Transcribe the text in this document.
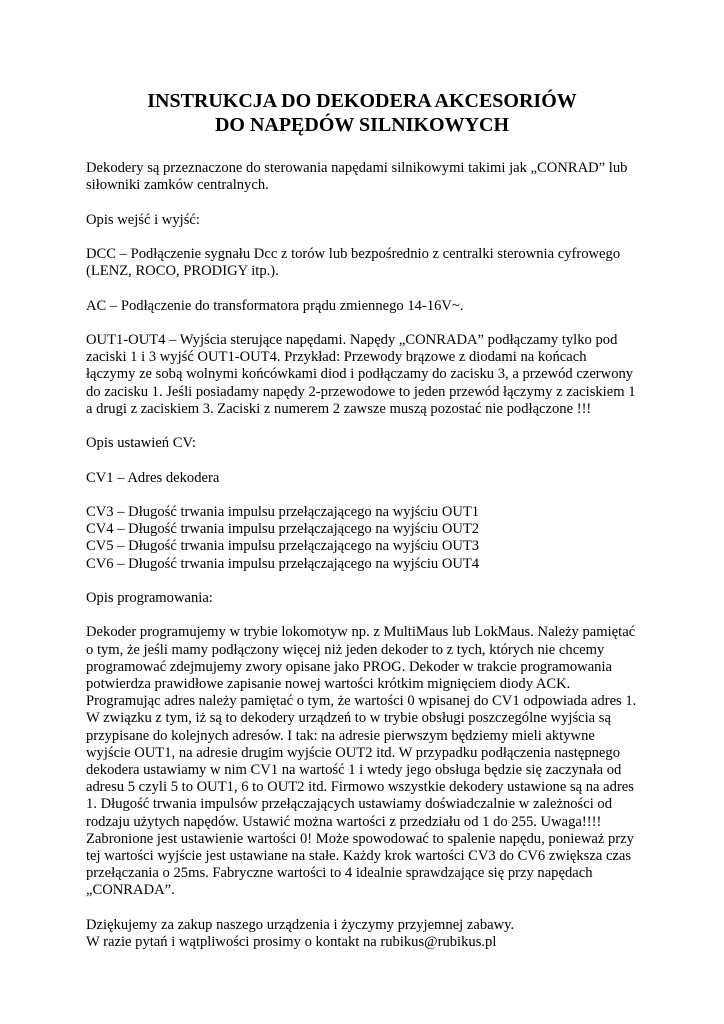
INSTRUKCJA DO DEKODERA AKCESORIÓW
DO NAPĘDÓW SILNIKOWYCH
Dekodery są przeznaczone do sterowania napędami silnikowymi takimi jak „CONRAD” lub
siłowniki zamków centralnych.

Opis wejść i wyjść:

DCC – Podłączenie sygnału Dcc z torów lub bezpośrednio z centralki sterownia cyfrowego
(LENZ, ROCO, PRODIGY itp.).
AC – Podłączenie do transformatora prądu zmiennego 14-16V~.
OUT1-OUT4 – Wyjścia sterujące napędami. Napędy „CONRADA” podłączamy tylko pod
zaciski 1 i 3 wyjść OUT1-OUT4. Przykład: Przewody brązowe z diodami na końcach
łączymy ze sobą wolnymi końcówkami diod i podłączamy do zacisku 3, a przewód czerwony
do zacisku 1. Jeśli posiadamy napędy 2-przewodowe to jeden przewód łączymy z zaciskiem 1
a drugi z zaciskiem 3. Zaciski z numerem 2 zawsze muszą pozostać nie podłączone !!!

Opis ustawień CV:

CV1 – Adres dekodera

CV3 – Długość trwania impulsu przełączającego na wyjściu OUT1
CV4 – Długość trwania impulsu przełączającego na wyjściu OUT2
CV5 – Długość trwania impulsu przełączającego na wyjściu OUT3
CV6 – Długość trwania impulsu przełączającego na wyjściu OUT4

Opis programowania:

Dekoder programujemy w trybie lokomotyw np. z MultiMaus lub LokMaus. Należy pamiętać
o tym, że jeśli mamy podłączony więcej niż jeden dekoder to z tych, których nie chcemy
programować zdejmujemy zwory opisane jako PROG. Dekoder w trakcie programowania
potwierdza prawidłowe zapisanie nowej wartości krótkim mignięciem diody ACK.
Programując adres należy pamiętać o tym, że wartości 0 wpisanej do CV1 odpowiada adres 1.
W związku z tym, iż są to dekodery urządzeń to w trybie obsługi poszczególne wyjścia są
przypisane do kolejnych adresów. I tak: na adresie pierwszym będziemy mieli aktywne
wyjście OUT1, na adresie drugim wyjście OUT2 itd. W przypadku podłączenia następnego
dekodera ustawiamy w nim CV1 na wartość 1 i wtedy jego obsługa będzie się zaczynała od
adresu 5 czyli 5 to OUT1, 6 to OUT2 itd. Firmowo wszystkie dekodery ustawione są na adres
1. Długość trwania impulsów przełączających ustawiamy doświadczalnie w zależności od
rodzaju użytych napędów. Ustawić można wartości z przedziału od 1 do 255. Uwaga!!!!
Zabronione jest ustawienie wartości 0! Może spowodować to spalenie napędu, ponieważ przy
tej wartości wyjście jest ustawiane na stałe. Każdy krok wartości CV3 do CV6 zwiększa czas
przełączania o 25ms. Fabryczne wartości to 4 idealnie sprawdzające się przy napędach
„CONRADA”.
Dziękujemy za zakup naszego urządzenia i życzymy przyjemnej zabawy.
W razie pytań i wątpliwości prosimy o kontakt na rubikus@rubikus.pl
